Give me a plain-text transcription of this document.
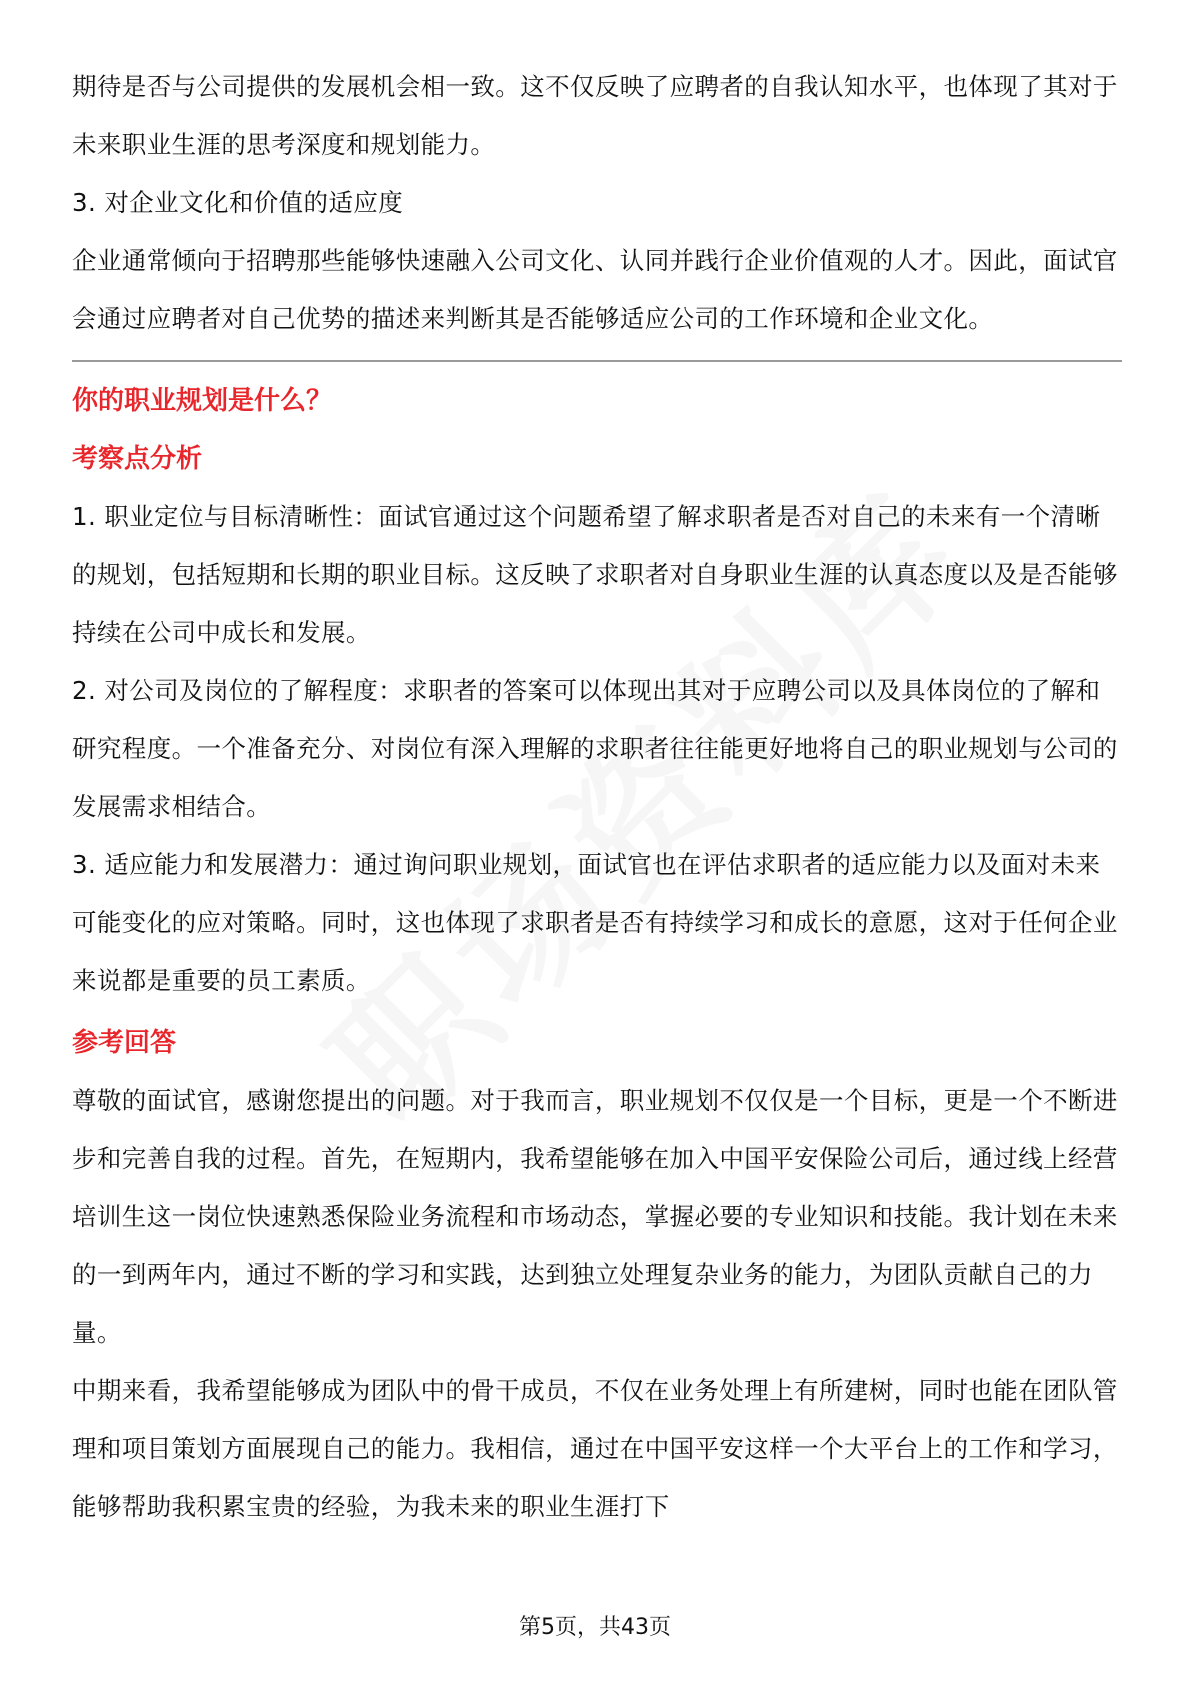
期待是否与公司提供的发展机会相一致。这不仅反映了应聘者的自我认知水平，也体现了其对于未来职业生涯的思考深度和规划能力。

3. 对企业文化和价值的适应度

企业通常倾向于招聘那些能够快速融入公司文化、认同并践行企业价值观的人才。因此，面试官会通过应聘者对自己优势的描述来判断其是否能够适应公司的工作环境和企业文化。

你的职业规划是什么？
考察点分析

1. 职业定位与目标清晰性：面试官通过这个问题希望了解求职者是否对自己的未来有一个清晰的规划，包括短期和长期的职业目标。这反映了求职者对自身职业生涯的认真态度以及是否能够持续在公司中成长和发展。

2. 对公司及岗位的了解程度：求职者的答案可以体现出其对于应聘公司以及具体岗位的了解和研究程度。一个准备充分、对岗位有深入理解的求职者往往能更好地将自己的职业规划与公司的发展需求相结合。

3. 适应能力和发展潜力：通过询问职业规划，面试官也在评估求职者的适应能力以及面对未来可能变化的应对策略。同时，这也体现了求职者是否有持续学习和成长的意愿，这对于任何企业来说都是重要的员工素质。

参考回答

尊敬的面试官，感谢您提出的问题。对于我而言，职业规划不仅仅是一个目标，更是一个不断进步和完善自我的过程。首先，在短期内，我希望能够在加入中国平安保险公司后，通过线上经营培训生这一岗位快速熟悉保险业务流程和市场动态，掌握必要的专业知识和技能。我计划在未来的一到两年内，通过不断的学习和实践，达到独立处理复杂业务的能力，为团队贡献自己的力量。

中期来看，我希望能够成为团队中的骨干成员，不仅在业务处理上有所建树，同时也能在团队管理和项目策划方面展现自己的能力。我相信，通过在中国平安这样一个大平台上的工作和学习，能够帮助我积累宝贵的经验，为我未来的职业生涯打下

第5页，共43页
